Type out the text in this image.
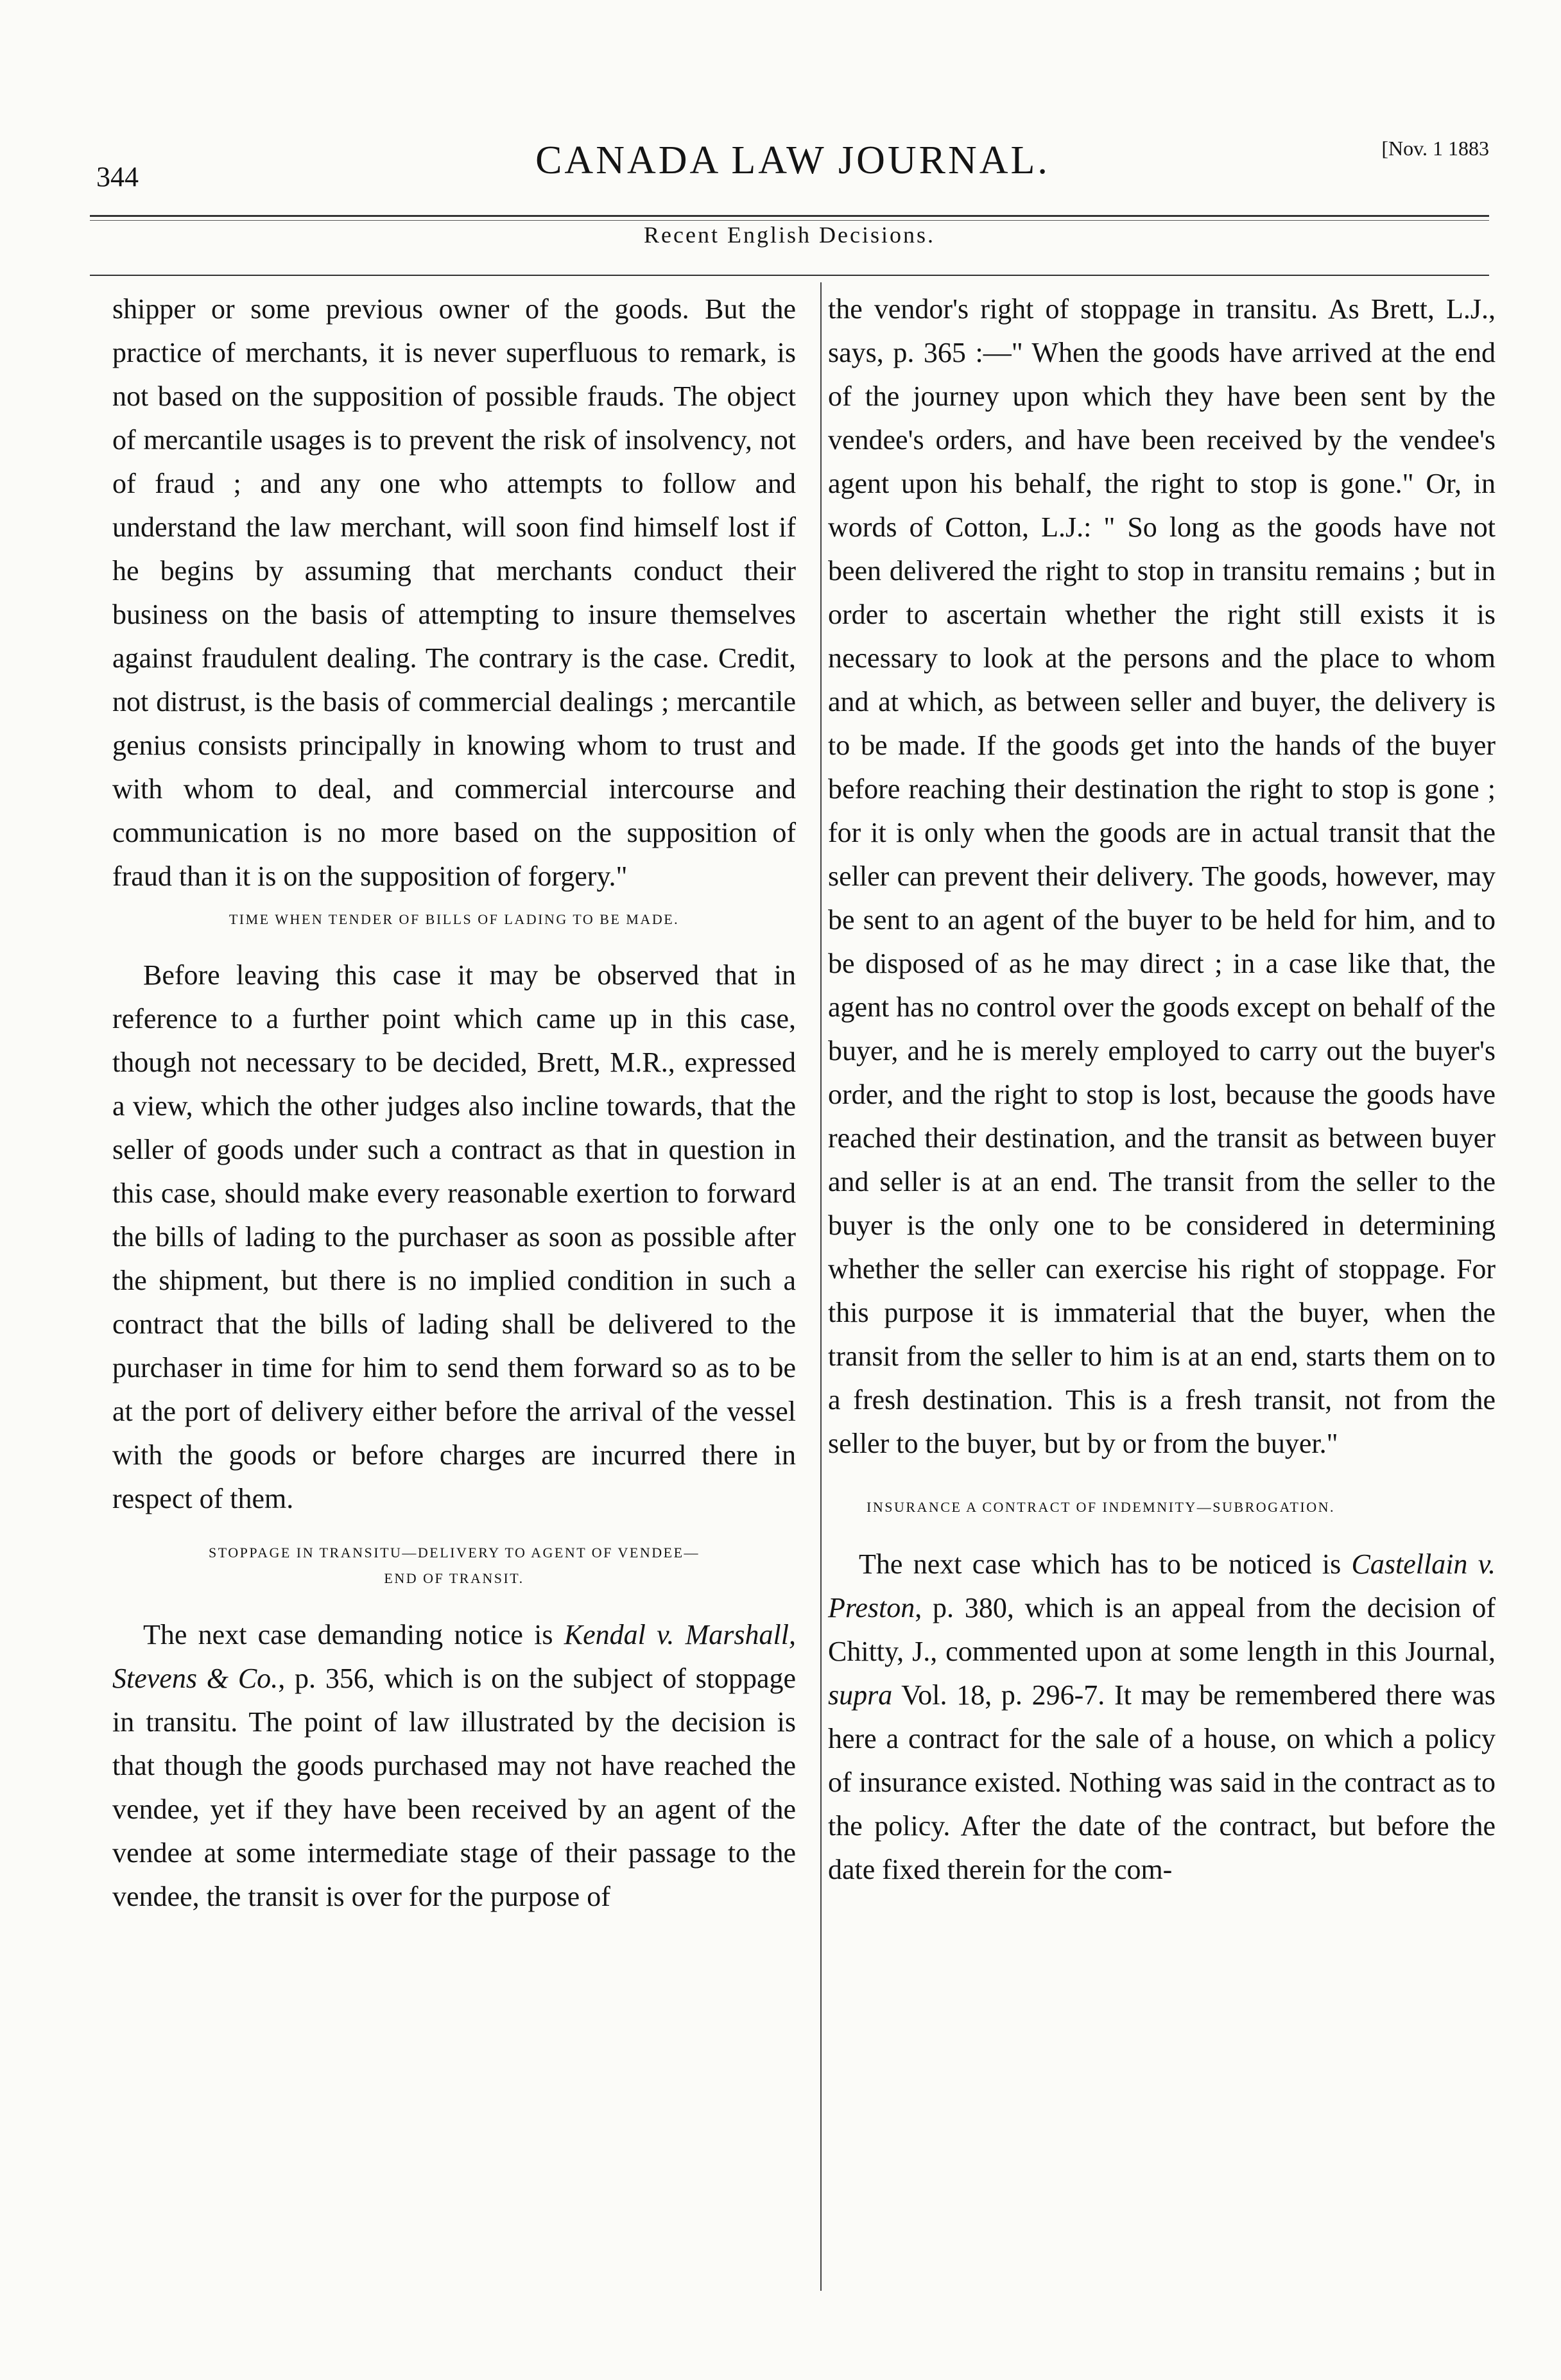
344	CANADA LAW JOURNAL.	[Nov. 1 1883
Recent English Decisions.

shipper or some previous owner of the goods. But the practice of merchants, it is never superfluous to remark, is not based on the supposition of possible frauds. The object of mercantile usages is to prevent the risk of insolvency, not of fraud ; and any one who attempts to follow and understand the law merchant, will soon find himself lost if he begins by assuming that merchants conduct their business on the basis of attempting to insure themselves against fraudulent dealing. The contrary is the case. Credit, not distrust, is the basis of commercial dealings ; mercantile genius consists principally in knowing whom to trust and with whom to deal, and commercial intercourse and communication is no more based on the supposition of fraud than it is on the supposition of forgery."

TIME WHEN TENDER OF BILLS OF LADING TO BE MADE.

Before leaving this case it may be observed that in reference to a further point which came up in this case, though not necessary to be decided, Brett, M.R., expressed a view, which the other judges also incline towards, that the seller of goods under such a contract as that in question in this case, should make every reasonable exertion to forward the bills of lading to the purchaser as soon as possible after the shipment, but there is no implied condition in such a contract that the bills of lading shall be delivered to the purchaser in time for him to send them forward so as to be at the port of delivery either before the arrival of the vessel with the goods or before charges are incurred there in respect of them.

STOPPAGE IN TRANSITU—DELIVERY TO AGENT OF VENDEE—
END OF TRANSIT.

The next case demanding notice is Kendal v. Marshall, Stevens & Co., p. 356, which is on the subject of stoppage in transitu. The point of law illustrated by the decision is that though the goods purchased may not have reached the vendee, yet if they have been received by an agent of the vendee at some intermediate stage of their passage to the vendee, the transit is over for the purpose of

the vendor's right of stoppage in transitu. As Brett, L.J., says, p. 365 :—" When the goods have arrived at the end of the journey upon which they have been sent by the vendee's orders, and have been received by the vendee's agent upon his behalf, the right to stop is gone." Or, in words of Cotton, L.J.: " So long as the goods have not been delivered the right to stop in transitu remains ; but in order to ascertain whether the right still exists it is necessary to look at the persons and the place to whom and at which, as between seller and buyer, the delivery is to be made. If the goods get into the hands of the buyer before reaching their destination the right to stop is gone ; for it is only when the goods are in actual transit that the seller can prevent their delivery. The goods, however, may be sent to an agent of the buyer to be held for him, and to be disposed of as he may direct ; in a case like that, the agent has no control over the goods except on behalf of the buyer, and he is merely employed to carry out the buyer's order, and the right to stop is lost, because the goods have reached their destination, and the transit as between buyer and seller is at an end. The transit from the seller to the buyer is the only one to be considered in determining whether the seller can exercise his right of stoppage. For this purpose it is immaterial that the buyer, when the transit from the seller to him is at an end, starts them on to a fresh destination. This is a fresh transit, not from the seller to the buyer, but by or from the buyer."

INSURANCE A CONTRACT OF INDEMNITY—SUBROGATION.

The next case which has to be noticed is Castellain v. Preston, p. 380, which is an appeal from the decision of Chitty, J., commented upon at some length in this Journal, supra Vol. 18, p. 296-7. It may be remembered there was here a contract for the sale of a house, on which a policy of insurance existed. Nothing was said in the contract as to the policy. After the date of the contract, but before the date fixed therein for the com-
